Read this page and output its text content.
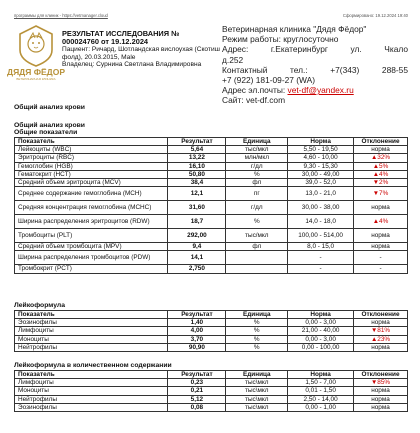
программы для клиник - https://vetmanager.cloud	Сформировано: 19.12.2024 19:40
ДЯДЯ ФЁДОР
ВЕТЕРИНАРНАЯ КЛИНИКА
РЕЗУЛЬТАТ ИССЛЕДОВАНИЯ №
000024760 от 19.12.2024
Пациент: Ричард, Шотландская вислоухая (Скотиш фолд), 20.03.2015, Male
Владелец: Сурнина Светлана Владимировна
Ветеринарная клиника "Дядя Фёдор"
Режим работы: круглосуточно
Адрес:	г.Екатеринбург	ул.	Чкало
д.252
Контактный	тел.:	+7(343)	288-55
+7 (922) 181-09-27 (WA)
Адрес эл.почты: vet-df@yandex.ru
Сайт: vet-df.com
Общий анализ крови
Общий анализ крови
Общие показатели
Показатель	Результат	Единица	Норма	Отклонение
Лейкоциты (WBC)	5,64	тыс/мкл	5,50 - 19,50	норма
Эритроциты (RBC)	13,22	млн/мкл	4,60 - 10,00	▲32%
Гемоглобин (HGB)	16,10	г/дл	9,30 - 15,30	▲5%
Гематокрит (HCT)	50,80	%	30,00 - 49,00	▲4%
Средний объем эритроцита (MCV)	38,4	фл	39,0 - 52,0	▼2%
Среднее содержание гемоглобина (MCH)	12,1	пг	13,0 - 21,0	▼7%
Средняя концентрация гемоглобина (MCHC)	31,60	г/дл	30,00 - 38,00	норма
Ширина распределения эритроцитов (RDW)	18,7	%	14,0 - 18,0	▲4%
Тромбоциты (PLT)	292,00	тыс/мкл	100,00 - 514,00	норма
Средний объем тромбоцита (MPV)	9,4	фл	8,0 - 15,0	норма
Ширина распределения тромбоцитов (PDW)	14,1		-	-
Тромбокрит (PCT)	2,750		-	-
Лейкоформула
Показатель	Результат	Единица	Норма	Отклонение
Эозинофилы	1,40	%	0,00 - 3,00	норма
Лимфоциты	4,00	%	21,00 - 40,00	▼81%
Моноциты	3,70	%	0,00 - 3,00	▲23%
Нейтрофилы	90,90	%	0,00 - 100,00	норма
Лейкоформула в количественном содержании
Показатель	Результат	Единица	Норма	Отклонение
Лимфоциты	0,23	тыс\мкл	1,50 - 7,00	▼85%
Моноциты	0,21	тыс\мкл	0,01 - 1,50	норма
Нейтрофилы	5,12	тыс\мкл	2,50 - 14,00	норма
Эозинофилы	0,08	тыс\мкл	0,00 - 1,00	норма
